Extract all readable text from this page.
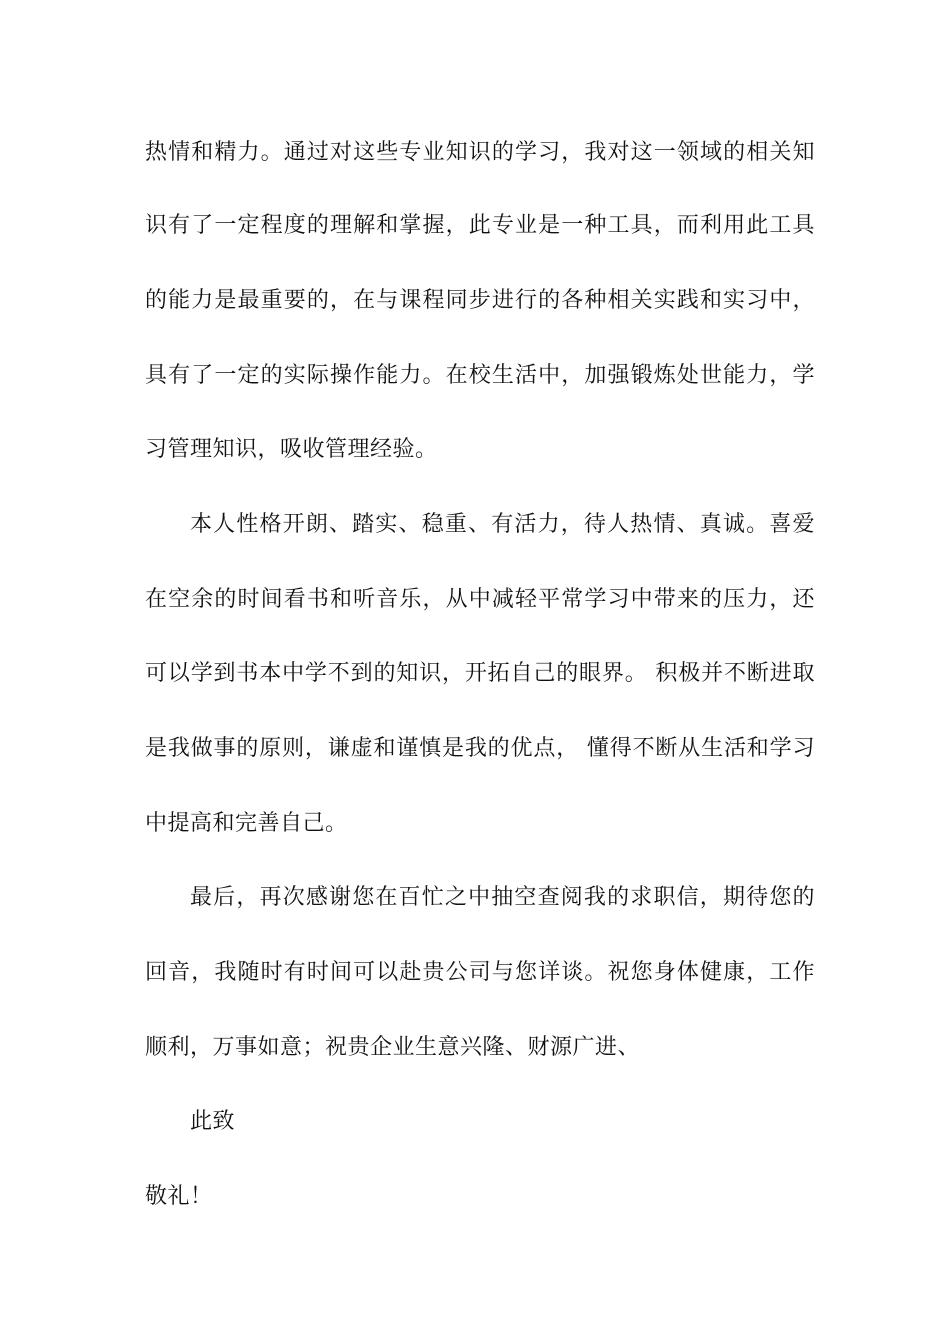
热情和精力。通过对这些专业知识的学习，我对这一领域的相关知
识有了一定程度的理解和掌握，此专业是一种工具，而利用此工具
的能力是最重要的，在与课程同步进行的各种相关实践和实习中，
具有了一定的实际操作能力。在校生活中，加强锻炼处世能力，学
习管理知识，吸收管理经验。
本人性格开朗、踏实、稳重、有活力，待人热情、真诚。喜爱
在空余的时间看书和听音乐，从中减轻平常学习中带来的压力，还
可以学到书本中学不到的知识，开拓自己的眼界。 积极并不断进取
是我做事的原则，谦虚和谨慎是我的优点， 懂得不断从生活和学习
中提高和完善自己。
最后，再次感谢您在百忙之中抽空查阅我的求职信，期待您的
回音，我随时有时间可以赴贵公司与您详谈。祝您身体健康，工作
顺利，万事如意；祝贵企业生意兴隆、财源广进、
此致
敬礼！
